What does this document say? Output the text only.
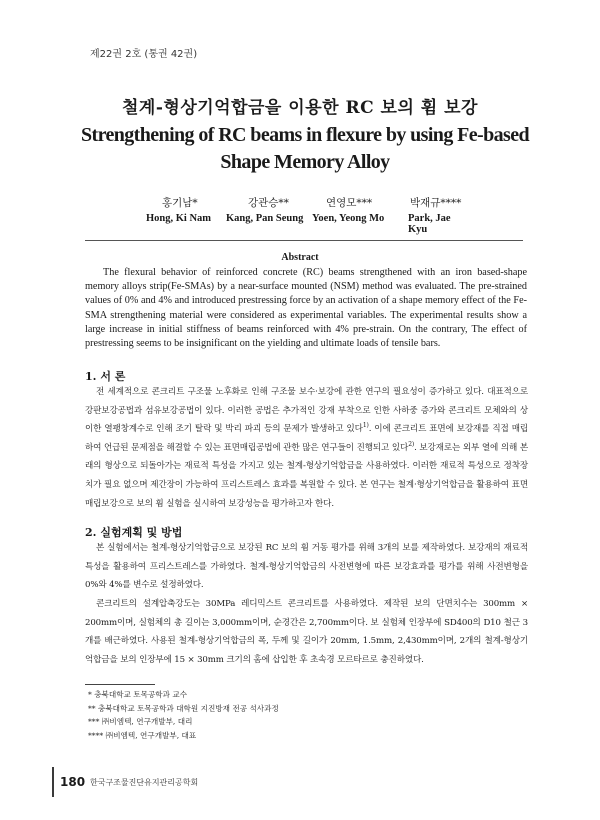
제22권 2호 (통권 42권)
철계-형상기억합금을 이용한 RC 보의 휨 보강
Strengthening of RC beams in flexure by using Fe-based Shape Memory Alloy
홍기남*
Hong, Ki Nam
강관승**
Kang, Pan Seung
연영모***
Yoen, Yeong Mo
박재규****
Park, Jae Kyu
Abstract
The flexural behavior of reinforced concrete (RC) beams strengthened with an iron based-shape memory alloys strip(Fe-SMAs) by a near-surface mounted (NSM) method was evaluated. The pre-strained values of 0% and 4% and introduced prestressing force by an activation of a shape memory effect of the Fe-SMA strengthening material were considered as experimental variables. The experimental results show a large increase in initial stiffness of beams reinforced with 4% pre-strain. On the contrary, The effect of prestressing seems to be insignificant on the yielding and ultimate loads of tensile bars.
1. 서 론
전 세계적으로 콘크리트 구조물 노후화로 인해 구조물 보수·보강에 관한 연구의 필요성이 증가하고 있다. 대표적으로 강판보강공법과 섬유보강공법이 있다. 이러한 공법은 추가적인 강재 부착으로 인한 사하중 증가와 콘크리트 모체와의 상이한 열팽창계수로 인해 조기 탈락 및 박리 파괴 등의 문제가 발생하고 있다$^{1)}$. 이에 콘크리트 표면에 보강재를 직접 매립하여 언급된 문제점을 해결할 수 있는 표면매립공법에 관한 많은 연구들이 진행되고 있다$^{2)}$. 보강재로는 외부 열에 의해 본래의 형상으로 되돌아가는 재료적 특성을 가지고 있는 철계-형상기억합금을 사용하였다. 이러한 재료적 특성으로 정착장치가 필요 없으며 제간장이 가능하여 프리스트레스 효과를 복원할 수 있다. 본 연구는 철계·형상기억합금을 활용하여 표면매립보강으로 보의 휨 실험을 실시하여 보강성능을 평가하고자 한다.
2. 실험계획 및 방법
본 실험에서는 철계-형상기억합금으로 보강된 RC 보의 휨 거동 평가를 위해 3개의 보를 제작하였다. 보강재의 재료적 특성을 활용하여 프리스트레스를 가하였다. 철계-형상기억합금의 사전변형에 따른 보강효과를 평가를 위해 사전변형을 0%와 4%를 변수로 설정하였다.
콘크리트의 설계압축강도는 30MPa 레디믹스트 콘크리트를 사용하였다. 제작된 보의 단면치수는 300mm × 200mm이며, 실험체의 총 길이는 3,000mm이며, 순경간은 2,700mm이다. 보 실험체 인장부에 SD400의 D10 철근 3개를 배근하였다. 사용된 철계-형상기억합금의 폭, 두께 및 길이가 20mm, 1.5mm, 2,430mm이며, 2개의 철계-형상기억합금을 보의 인장부에 15 × 30mm 크기의 홈에 삽입한 후 초속경 모르타르로 충진하였다.
* 충북대학교 토목공학과 교수
** 충북대학교 토목공학과 대학원 지진방재 전공 석사과정
*** ㈜비엠텍, 연구개발부, 대리
**** ㈜비엠텍, 연구개발부, 대표
180 한국구조물진단유지관리공학회
